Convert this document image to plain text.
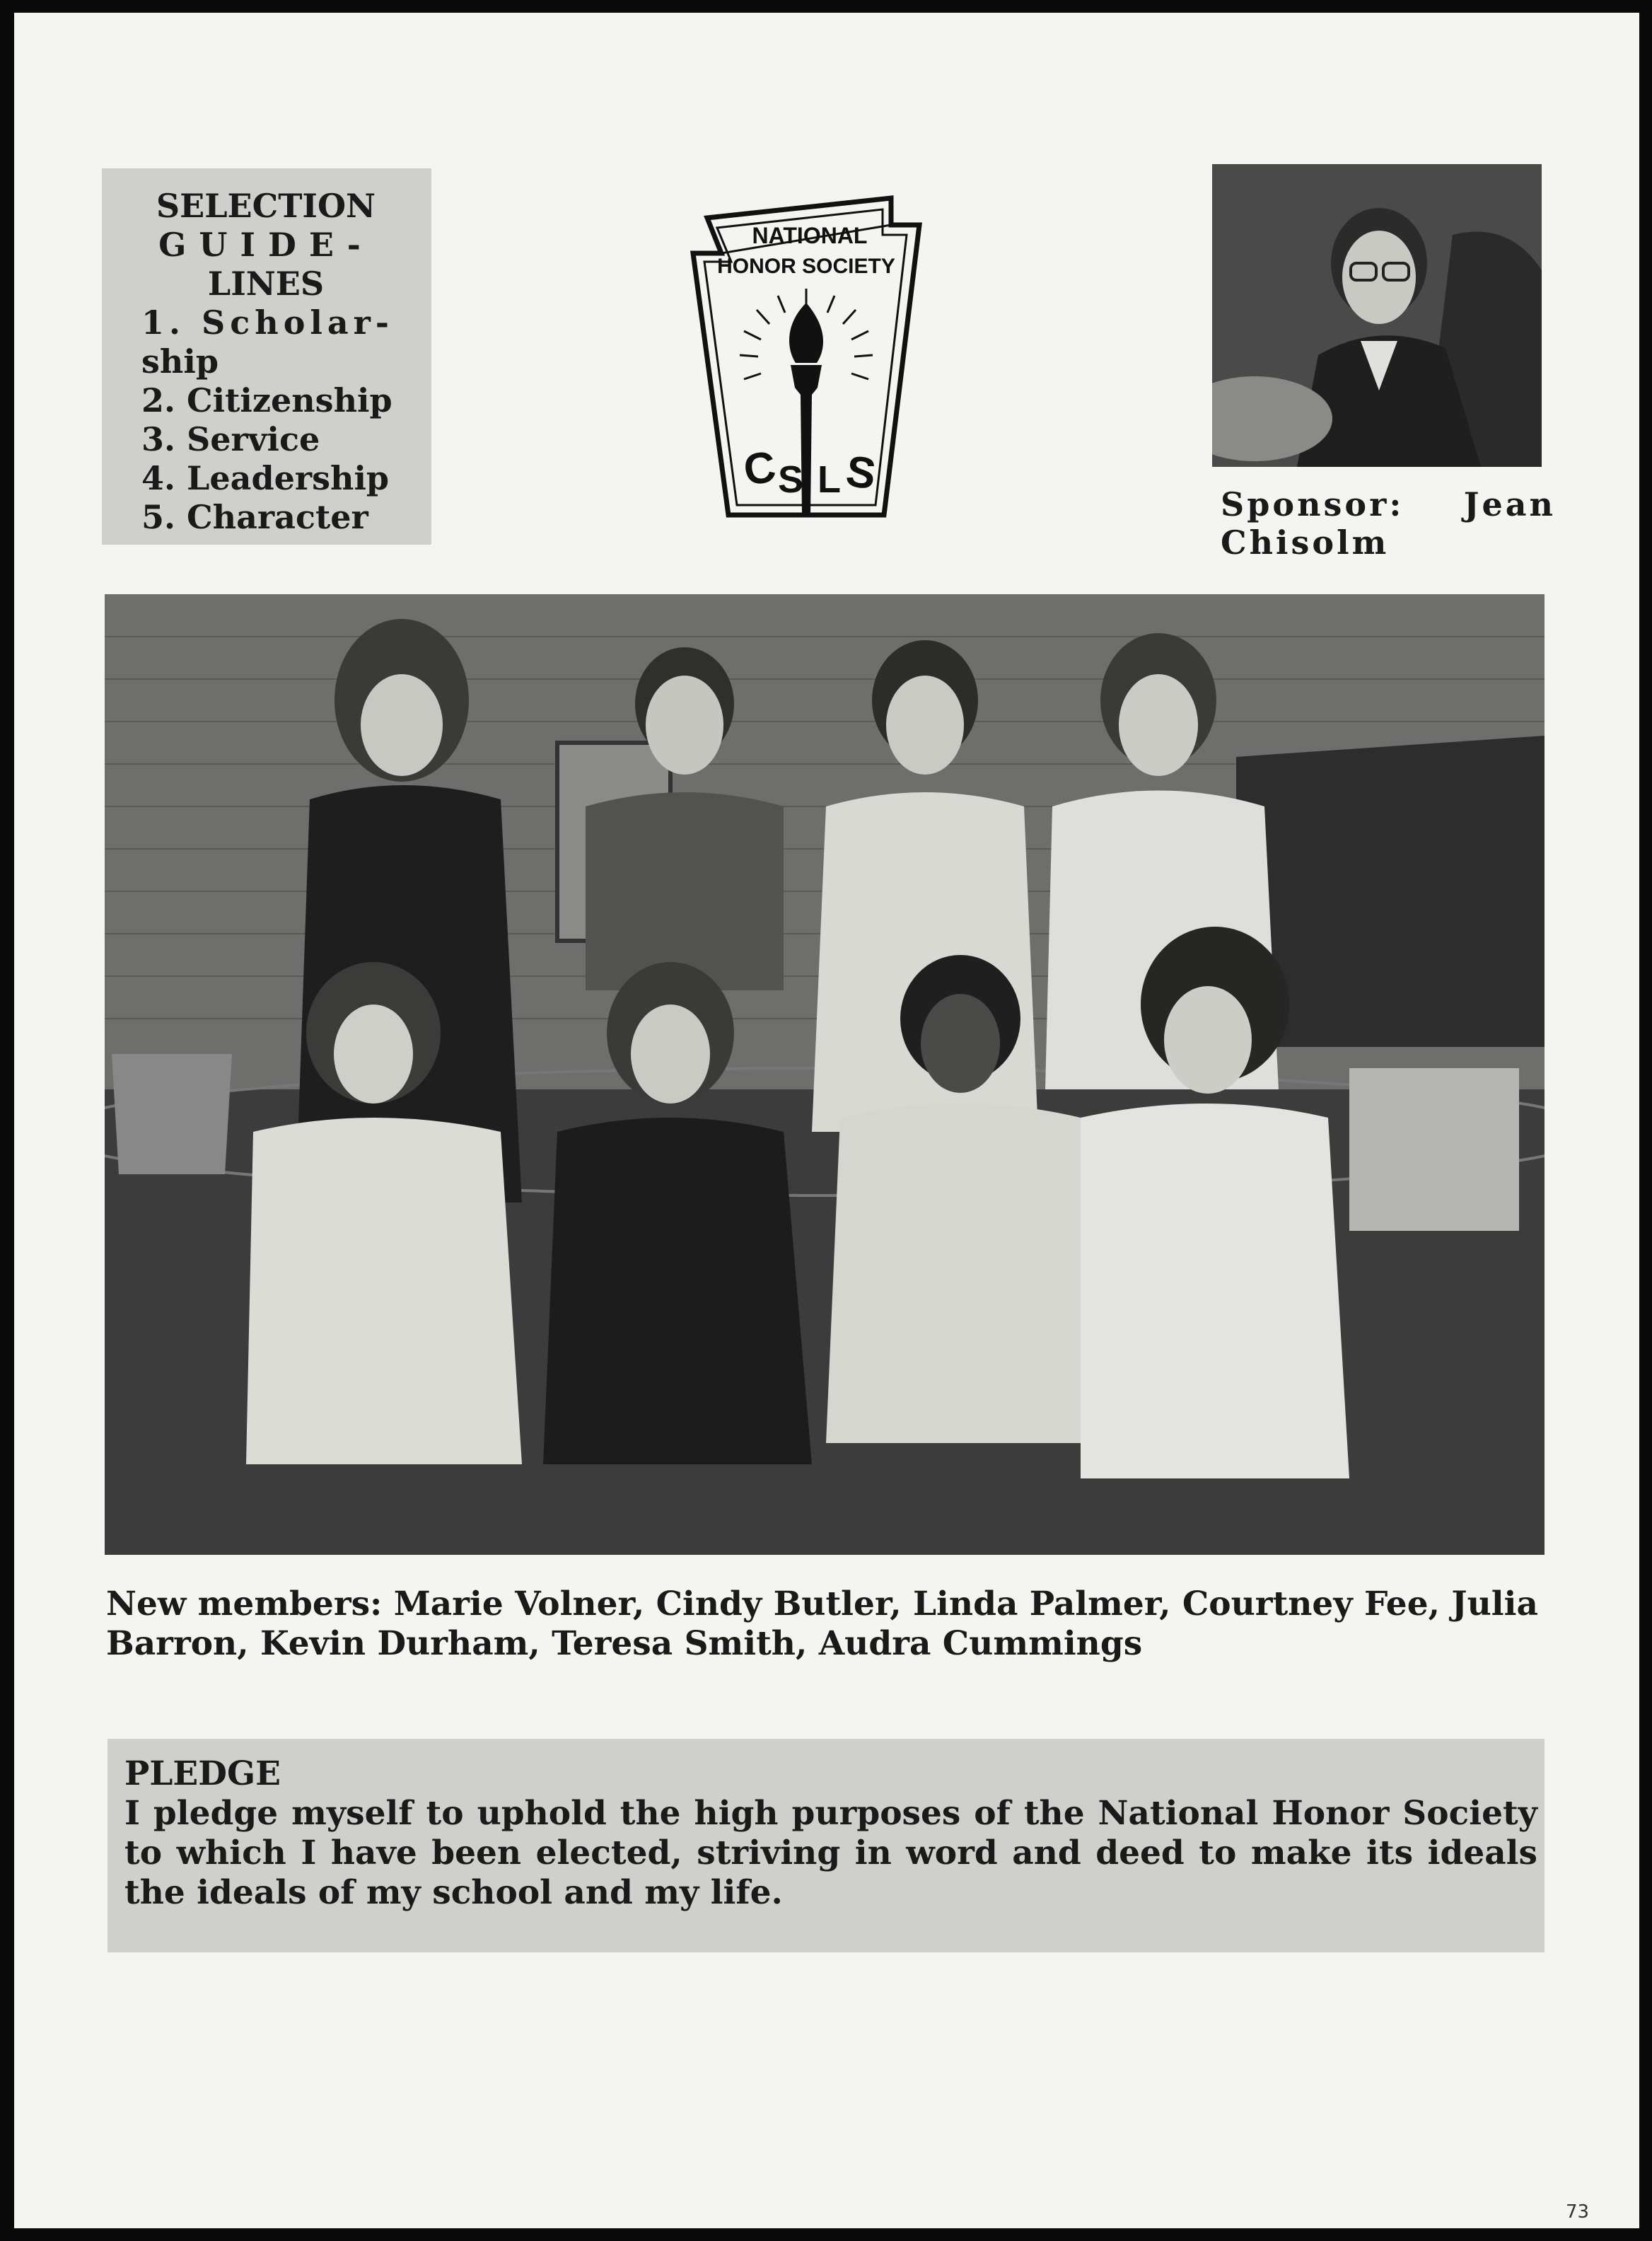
SELECTION
GUIDE-
LINES
1. Scholar-
ship
2. Citizenship
3. Service
4. Leadership
5. Character
NATIONAL
HONOR SOCIETY
C
S L S
Sponsor: Jean
Chisolm
New members: Marie Volner, Cindy Butler, Linda Palmer, Courtney Fee, Julia Barron, Kevin Durham, Teresa Smith, Audra Cummings
PLEDGE
I pledge myself to uphold the high purposes of the National Honor Society to which I have been elected, striving in word and deed to make its ideals the ideals of my school and my life.
73
